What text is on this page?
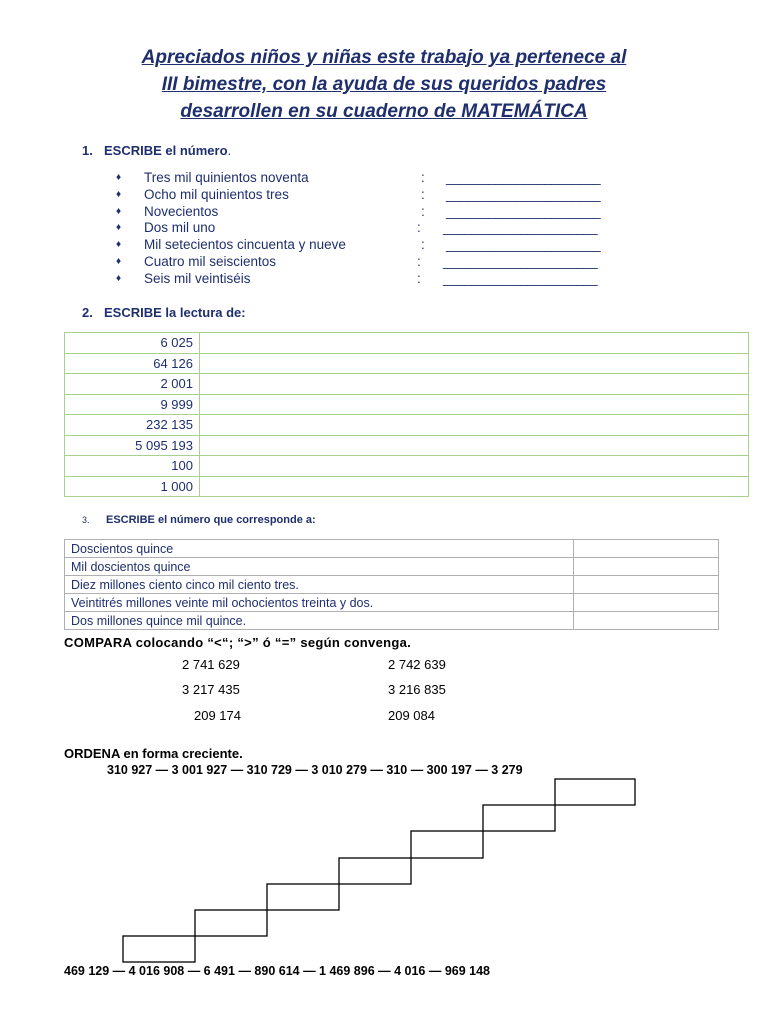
Apreciados niños y niñas este trabajo ya pertenece al
III bimestre, con la ayuda de sus queridos padres
desarrollen en su cuaderno de MATEMÁTICA
1. ESCRIBE el número.
♦ Tres mil quinientos noventa	: ______________________
♦ Ocho mil quinientos tres	: ______________________
♦ Novecientos	: ______________________
♦ Dos mil uno	: ______________________
♦ Mil setecientos cincuenta y nueve	: ______________________
♦ Cuatro mil seiscientos	: ______________________
♦ Seis mil veintiséis	: ______________________
2. ESCRIBE la lectura de:
6 025	
64 126	
2 001	
9 999	
232 135	
5 095 193	
100	
1 000	
3. ESCRIBE el número que corresponde a:
Doscientos quince	
Mil doscientos quince	
Diez millones ciento cinco mil ciento tres.	
Veintitrés millones veinte mil ochocientos treinta y dos.	
Dos millones quince mil quince.	
COMPARA colocando “<“; “>” ó “=” según convenga.
2 741 629	2 742 639
3 217 435	3 216 835
209 174	209 084
ORDENA en forma creciente.
310 927 — 3 001 927 — 310 729 — 3 010 279 — 310 — 300 197 — 3 279
469 129 — 4 016 908 — 6 491 — 890 614 — 1 469 896 — 4 016 — 969 148
